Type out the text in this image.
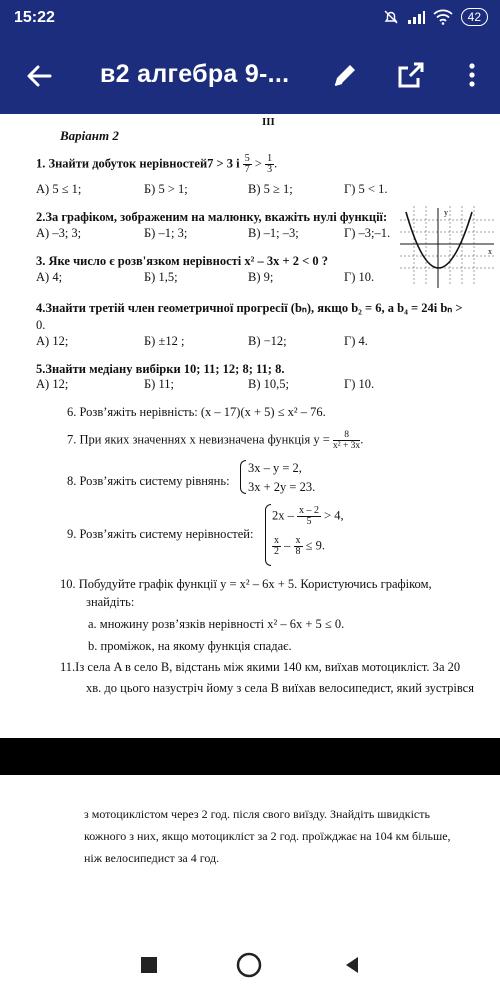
15:22	42
в2 алгебра 9-...
III
Варіант 2
1. Знайти добуток нерівностей7 > 3 і $\frac{5}{7} > \frac{1}{3}$ .
А) 5 ≤ 1;	Б) 5 > 1;	В) 5 ≥ 1;	Г) 5 < 1.
2.За графіком, зображеним на малюнку, вкажіть нулі функції:
А) –3; 3;	Б) –1; 3;	В) –1; –3;	Г) –3;–1.
y
x
3. Яке число є розв'язком нерівності x² – 3x + 2 < 0 ?
А) 4;	Б) 1,5;	В) 9;	Г) 10.
4.Знайти третій член геометричної прогресії (bₙ), якщо b₂ = 6, а b₄ = 24і bₙ >
0.
А) 12;	Б) ±12 ;	В) −12;	Г) 4.
5.Знайти медіану вибірки 10; 11; 12; 8; 11; 8.
А) 12;	Б) 11;	В) 10,5;	Г) 10.
6. Розв’яжіть нерівність: (x – 17)(x + 5) ≤ x² – 76.
7. При яких значеннях x невизначена функція $y = \frac{8}{\text{x² + 3x}}$ .
8. Розв’яжіть систему рівнянь:
3x – y = 2,
3x + 2y = 23.
9. Розв’яжіть систему нерівностей:
$2x - \frac{x - 2}{5} > 4$,
$\frac{x}{2} - \frac{x}{8} \le 9$.
10. Побудуйте графік функції y = x² – 6x + 5. Користуючись графіком,
знайдіть:
a. множину розв’язків нерівності x² – 6x + 5 ≤ 0.
b. проміжок, на якому функція спадає.
11.Із села A в село B, відстань між якими 140 км, виїхав мотоцикліст. За 20
хв. до цього назустріч йому з села B виїхав велосипедист, який зустрівся
з мотоциклістом через 2 год. після свого виїзду. Знайдіть швидкість
кожного з них, якщо мотоцикліст за 2 год. проїжджає на 104 км більше,
ніж велосипедист за 4 год.
